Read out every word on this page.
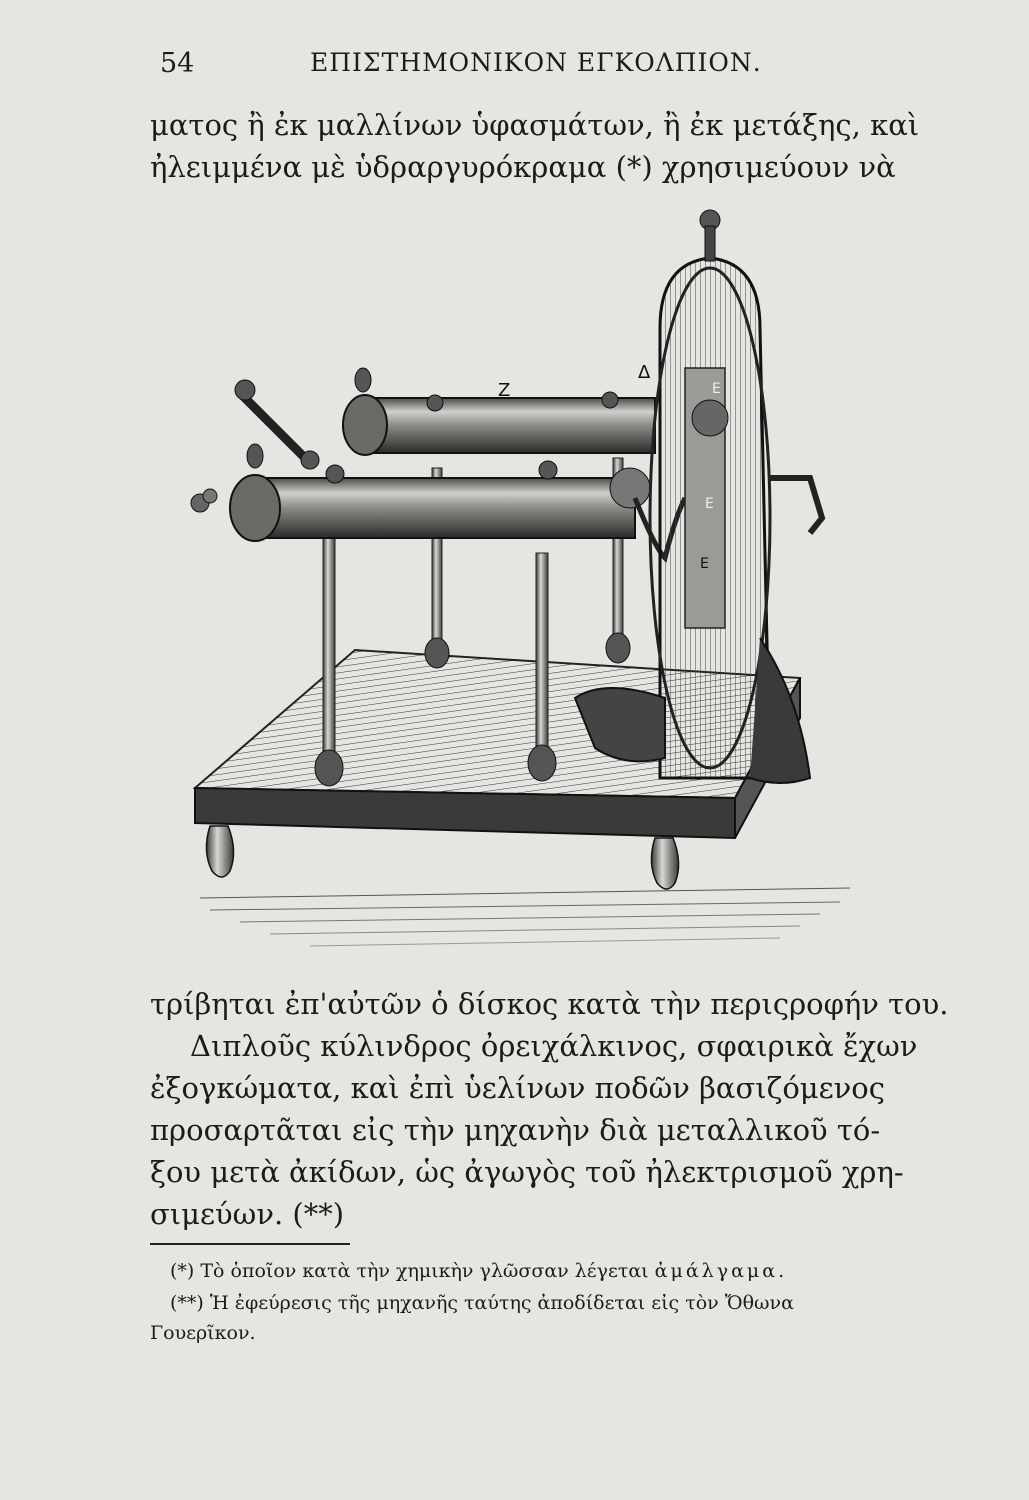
54	ΕΠΙΣΤΗΜΟΝΙΚΟΝ ΕΓΚΟΛΠΙΟΝ.
ματος ἢ ἐκ μαλλίνων ὑφασμάτων, ἢ ἐκ μετάξης, καὶ
ἠλειμμένα μὲ ὑδραργυρόκραμα (*) χρησιμεύουν νὰ
Z
Δ
E
E
E
τρίβηται ἐπ'αὐτῶν ὁ δίσκος κατὰ τὴν περιςροφήν του.
Διπλοῦς κύλινδρος ὀρειχάλκινος, σφαιρικὰ ἔχων
ἐξογκώματα, καὶ ἐπὶ ὑελίνων ποδῶν βασιζόμενος
προσαρτᾶται εἰς τὴν μηχανὴν διὰ μεταλλικοῦ τό-
ξου μετὰ ἀκίδων, ὡς ἀγωγὸς τοῦ ἠλεκτρισμοῦ χρη-
σιμεύων. (**)
(*) Τὸ ὁποῖον κατὰ τὴν χημικὴν γλῶσσαν λέγεται ἀμάλγαμα.
(**) Ἡ ἐφεύρεσις τῆς μηχανῆς ταύτης ἀποδίδεται εἰς τὸν Ὄθωνα
Γουερῖκον.
